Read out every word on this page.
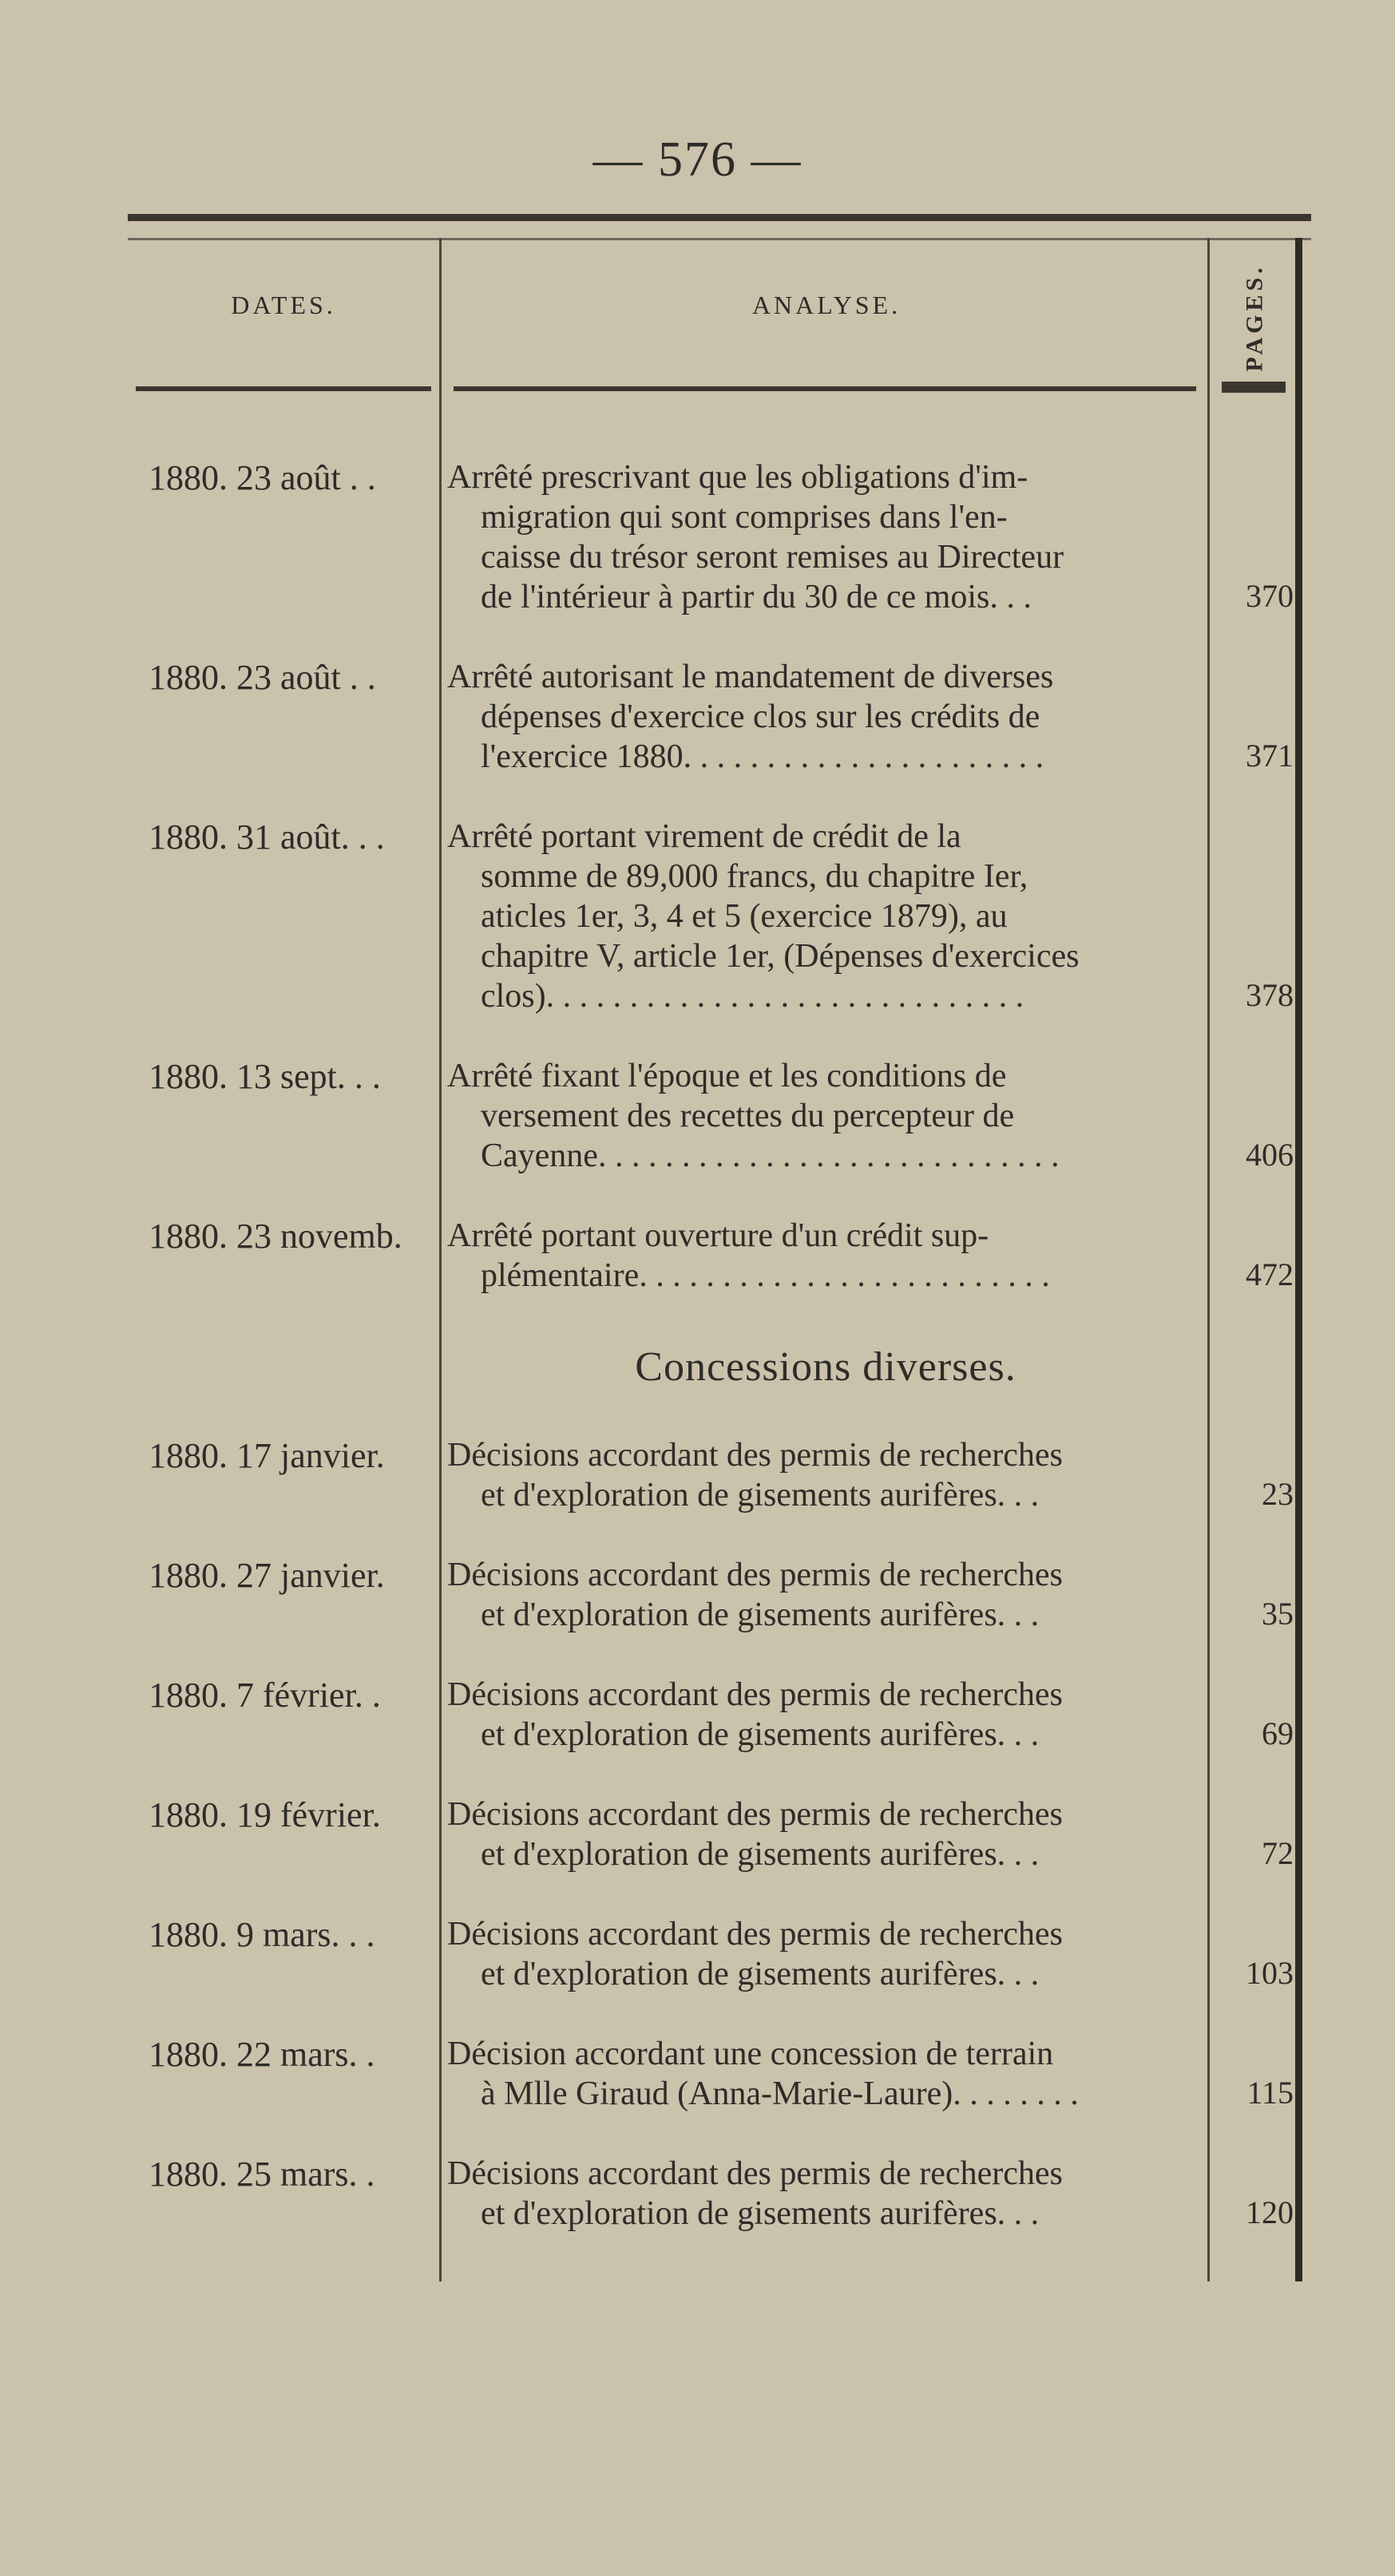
— 576 —
DATES.	ANALYSE.	PAGES.
1880. 23 août . .	Arrêté prescrivant que les obligations d'im-
migration qui sont comprises dans l'en-
caisse du trésor seront remises au Directeur
de l'intérieur à partir du 30 de ce mois. . .	370
1880. 23 août . .	Arrêté autorisant le mandatement de diverses
dépenses d'exercice clos sur les crédits de
l'exercice 1880. . . . . . . . . . . . . . . . . . . . . .	371
1880. 31 août. . .	Arrêté portant virement de crédit de la
somme de 89,000 francs, du chapitre Ier,
aticles 1er, 3, 4 et 5 (exercice 1879), au
chapitre V, article 1er, (Dépenses d'exercices
clos). . . . . . . . . . . . . . . . . . . . . . . . . . . . .	378
1880. 13 sept. . .	Arrêté fixant l'époque et les conditions de
versement des recettes du percepteur de
Cayenne. . . . . . . . . . . . . . . . . . . . . . . . . . . .	406
1880. 23 novemb.	Arrêté portant ouverture d'un crédit sup-
plémentaire. . . . . . . . . . . . . . . . . . . . . . . . .	472
Concessions diverses.
1880. 17 janvier.	Décisions accordant des permis de recherches
et d'exploration de gisements aurifères. . .	23
1880. 27 janvier.	Décisions accordant des permis de recherches
et d'exploration de gisements aurifères. . .	35
1880. 7 février. .	Décisions accordant des permis de recherches
et d'exploration de gisements aurifères. . .	69
1880. 19 février.	Décisions accordant des permis de recherches
et d'exploration de gisements aurifères. . .	72
1880. 9 mars. . .	Décisions accordant des permis de recherches
et d'exploration de gisements aurifères. . .	103
1880. 22 mars. .	Décision accordant une concession de terrain
à Mlle Giraud (Anna-Marie-Laure). . . . . . . .	115
1880. 25 mars. .	Décisions accordant des permis de recherches
et d'exploration de gisements aurifères. . .	120
